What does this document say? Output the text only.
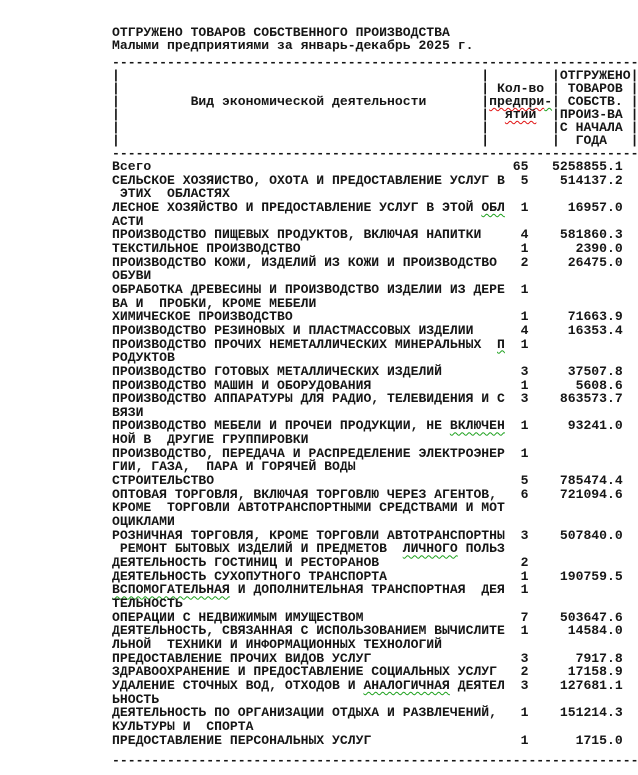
ОТГРУЖЕНО ТОВАРОВ СОБСТВЕННОГО ПРОИЗВОДСТВА
Малыми предприятиями за январь-декабрь 2025 г.
-------------------------------------------------------------------
|                                              |        |ОТГРУЖЕНО|
|                                              | Кол-во | ТОВАРОВ |
|         Вид экономической деятельности       |предпри-| СОБСТВ. |
|                                              |  ятий  |ПРОИЗ-ВА |
|                                              |        |С НАЧАЛА |
|                                              |        |  ГОДА   |
-------------------------------------------------------------------
Всего                                              65   5258855.1
СЕЛЬСКОЕ ХОЗЯИСТВО, ОХОТА И ПРЕДОСТАВЛЕНИЕ УСЛУГ В  5    514137.2
ЭТИХ  ОБЛАСТЯХ
ЛЕСНОЕ ХОЗЯЙСТВО И ПРЕДОСТАВЛЕНИЕ УСЛУГ В ЭТОЙ ОБЛ  1     16957.0
АСТИ
ПРОИЗВОДСТВО ПИЩЕВЫХ ПРОДУКТОВ, ВКЛЮЧАЯ НАПИТКИ     4    581860.3
ТЕКСТИЛЬНОЕ ПРОИЗВОДСТВО                            1      2390.0
ПРОИЗВОДСТВО КОЖИ, ИЗДЕЛИЙ ИЗ КОЖИ И ПРОИЗВОДСТВО   2     26475.0
ОБУВИ
ОБРАБОТКА ДРЕВЕСИНЫ И ПРОИЗВОДСТВО ИЗДЕЛИИ ИЗ ДЕРЕ  1
ВА И  ПРОБКИ, КРОМЕ МЕБЕЛИ
ХИМИЧЕСКОЕ ПРОИЗВОДСТВО                             1     71663.9
ПРОИЗВОДСТВО РЕЗИНОВЫХ И ПЛАСТМАССОВЫХ ИЗДЕЛИИ      4     16353.4
ПРОИЗВОДСТВО ПРОЧИХ НЕМЕТАЛЛИЧЕСКИХ МИНЕРАЛЬНЫХ  П  1
РОДУКТОВ
ПРОИЗВОДСТВО ГОТОВЫХ МЕТАЛЛИЧЕСКИХ ИЗДЕЛИЙ          3     37507.8
ПРОИЗВОДСТВО МАШИН И ОБОРУДОВАНИЯ                   1      5608.6
ПРОИЗВОДСТВО АППАРАТУРЫ ДЛЯ РАДИО, ТЕЛЕВИДЕНИЯ И С  3    863573.7
ВЯЗИ
ПРОИЗВОДСТВО МЕБЕЛИ И ПРОЧЕИ ПРОДУКЦИИ, НЕ ВКЛЮЧЕН  1     93241.0
НОЙ В  ДРУГИЕ ГРУППИРОВКИ
ПРОИЗВОДСТВО, ПЕРЕДАЧА И РАСПРЕДЕЛЕНИЕ ЭЛЕКТРОЭНЕР  1
ГИИ, ГАЗА,  ПАРА И ГОРЯЧЕЙ ВОДЫ
СТРОИТЕЛЬСТВО                                       5    785474.4
ОПТОВАЯ ТОРГОВЛЯ, ВКЛЮЧАЯ ТОРГОВЛЮ ЧЕРЕЗ АГЕНТОВ,   6    721094.6
КРОМЕ  ТОРГОВЛИ АВТОТРАНСПОРТНЫМИ СРЕДСТВАМИ И МОТ
ОЦИКЛАМИ
РОЗНИЧНАЯ ТОРГОВЛЯ, КРОМЕ ТОРГОВЛИ АВТОТРАНСПОРТНЫ  3    507840.0
РЕМОНТ БЫТОВЫХ ИЗДЕЛИЙ И ПРЕДМЕТОВ  ЛИЧНОГО ПОЛЬЗ
ДЕЯТЕЛЬНОСТЬ ГОСТИНИЦ И РЕСТОРАНОВ                  2
ДЕЯТЕЛЬНОСТЬ СУХОПУТНОГО ТРАНСПОРТА                 1    190759.5
ВСПОМОГАТЕЛЬНАЯ И ДОПОЛНИТЕЛЬНАЯ ТРАНСПОРТНАЯ  ДЕЯ  1
ТЕЛЬНОСТЬ
ОПЕРАЦИИ С НЕДВИЖИМЫМ ИМУЩЕСТВОМ                    7    503647.6
ДЕЯТЕЛЬНОСТЬ, СВЯЗАННАЯ С ИСПОЛЬЗОВАНИЕМ ВЫЧИСЛИТЕ  1     14584.0
ЛЬНОЙ  ТЕХНИКИ И ИНФОРМАЦИОННЫХ ТЕХНОЛОГИЙ
ПРЕДОСТАВЛЕНИЕ ПРОЧИХ ВИДОВ УСЛУГ                   3      7917.8
ЗДРАВООХРАНЕНИЕ И ПРЕДОСТАВЛЕНИЕ СОЦИАЛЬНЫХ УСЛУГ   2     17158.9
УДАЛЕНИЕ СТОЧНЫХ ВОД, ОТХОДОВ И АНАЛОГИЧНАЯ ДЕЯТЕЛ  3    127681.1
ЬНОСТЬ
ДЕЯТЕЛЬНОСТЬ ПО ОРГАНИЗАЦИИ ОТДЫХА И РАЗВЛЕЧЕНИЙ,   1    151214.3
КУЛЬТУРЫ И  СПОРТА
ПРЕДОСТАВЛЕНИЕ ПЕРСОНАЛЬНЫХ УСЛУГ                   1      1715.0
-------------------------------------------------------------------
